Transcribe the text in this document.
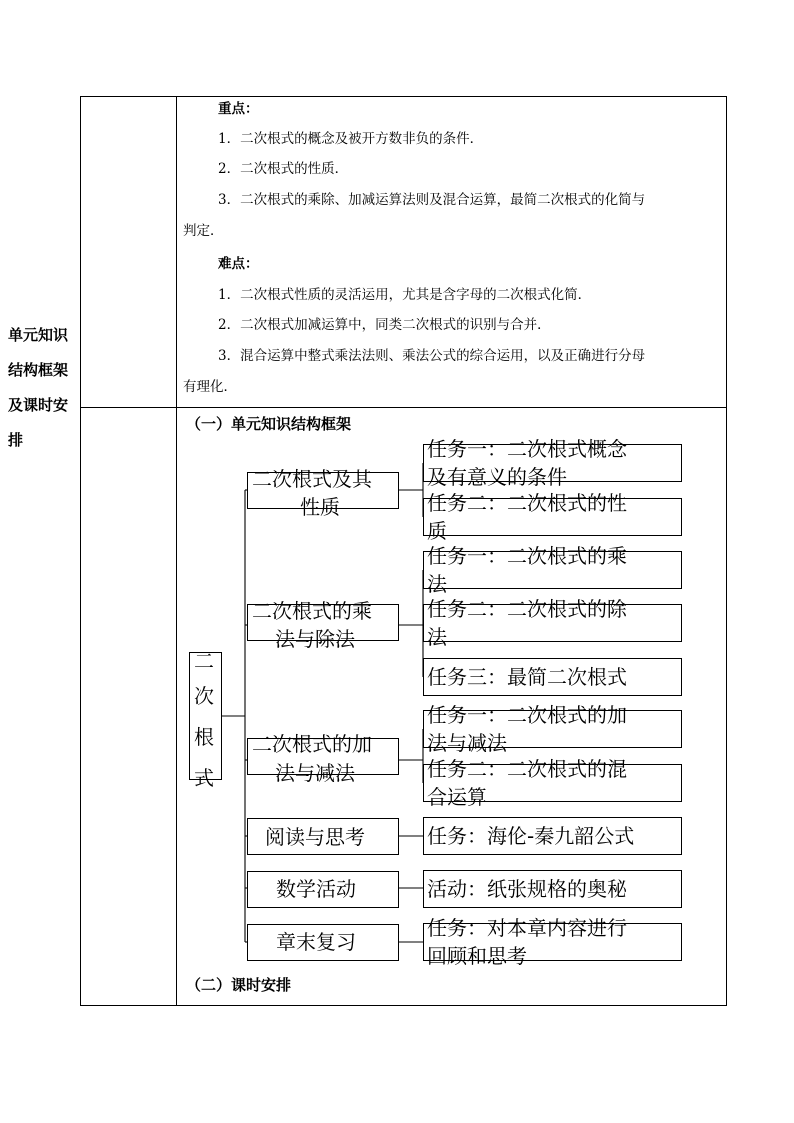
重点：
1．二次根式的概念及被开方数非负的条件．
2．二次根式的性质．
3．二次根式的乘除、加减运算法则及混合运算，最简二次根式的化简与
判定．
难点：
1．二次根式性质的灵活运用，尤其是含字母的二次根式化简．
2．二次根式加减运算中，同类二次根式的识别与合并．
3．混合运算中整式乘法法则、乘法公式的综合运用，以及正确进行分母
有理化．
单元知识
结构框架
及课时安
排
（一）单元知识结构框架
（二）课时安排
二
次
根
式
二次根式及其
性质
二次根式的乘
法与除法
二次根式的加
法与减法
阅读与思考
数学活动
章末复习
任务一：二次根式概念
及有意义的条件
任务二：二次根式的性
质
任务一：二次根式的乘
法
任务二：二次根式的除
法
任务三：最简二次根式
任务一：二次根式的加
法与减法
任务二：二次根式的混
合运算
任务：海伦-秦九韶公式
活动：纸张规格的奥秘
任务：对本章内容进行
回顾和思考
